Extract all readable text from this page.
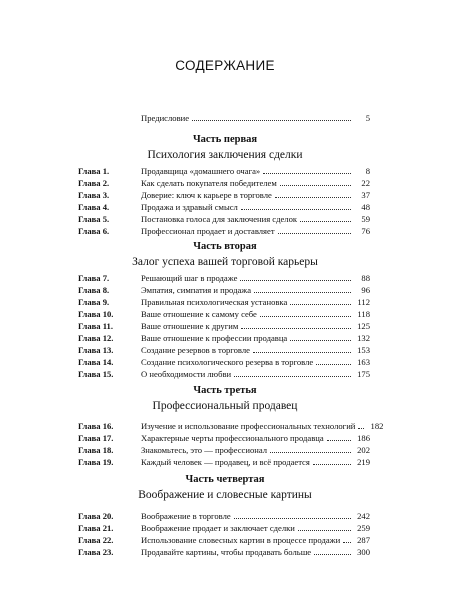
СОДЕРЖАНИЕ
Предисловие	5
Часть первая
Психология заключения сделки
Глава 1.	Продавщица «домашнего очага»	8
Глава 2.	Как сделать покупателя победителем	22
Глава 3.	Доверие: ключ к карьере в торговле	37
Глава 4.	Продажа и здравый смысл	48
Глава 5.	Постановка голоса для заключения сделок	59
Глава 6.	Профессионал продает и доставляет	76
Часть вторая
Залог успеха вашей торговой карьеры
Глава 7.	Решающий шаг в продаже	88
Глава 8.	Эмпатия, симпатия и продажа	96
Глава 9.	Правильная психологическая установка	112
Глава 10.	Ваше отношение к самому себе	118
Глава 11.	Ваше отношение к другим	125
Глава 12.	Ваше отношение к профессии продавца	132
Глава 13.	Создание резервов в торговле	153
Глава 14.	Создание психологического резерва в торговле	163
Глава 15.	О необходимости любви	175
Часть третья
Профессиональный продавец
Глава 16.	Изучение и использование профессиональных технологий	182
Глава 17.	Характерные черты профессионального продавца	186
Глава 18.	Знакомьтесь, это — профессионал	202
Глава 19.	Каждый человек — продавец, и всё продается	219
Часть четвертая
Воображение и словесные картины
Глава 20.	Воображение в торговле	242
Глава 21.	Воображение продает и заключает сделки	259
Глава 22.	Использование словесных картин в процессе продажи	287
Глава 23.	Продавайте картины, чтобы продавать больше	300
